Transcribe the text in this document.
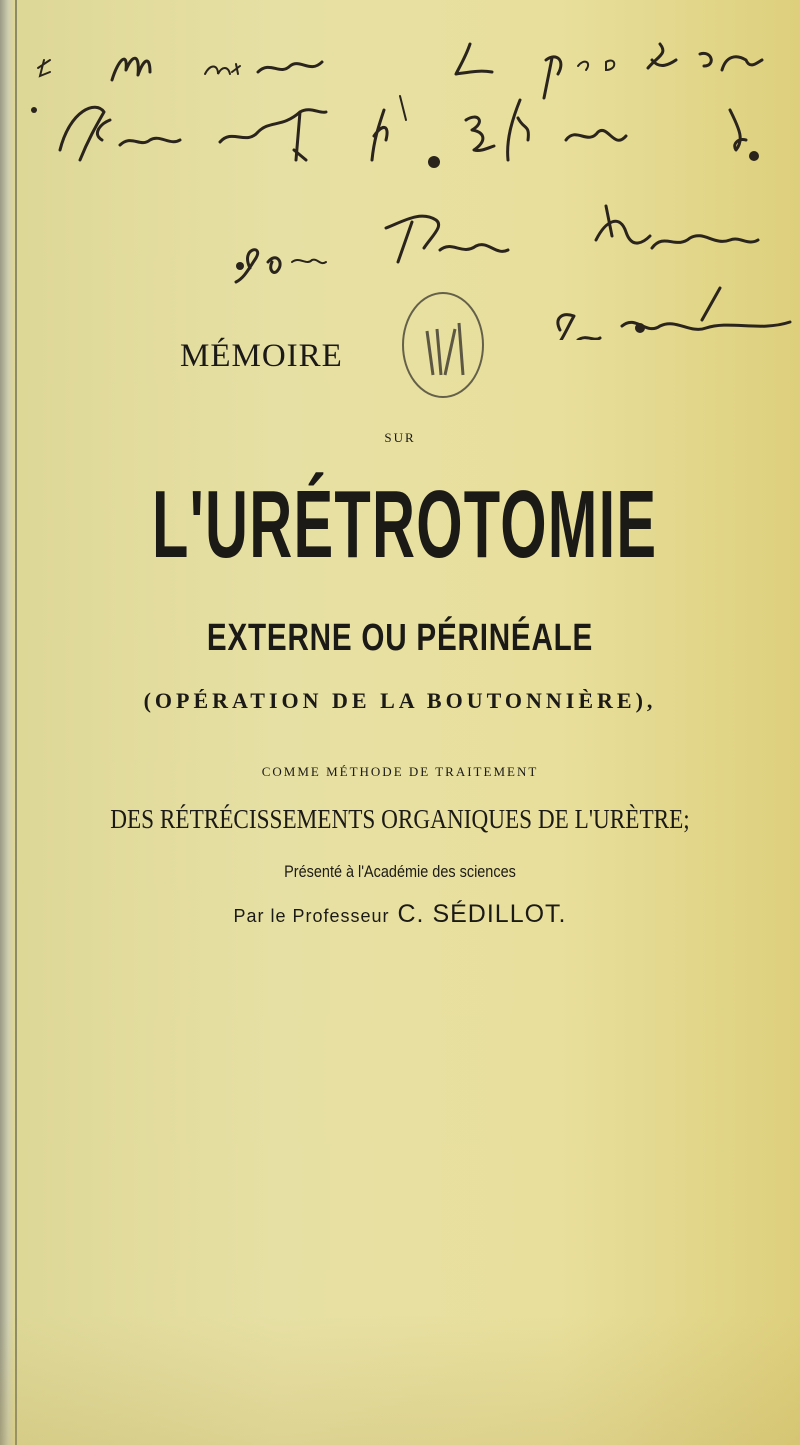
MÉMOIRE
SUR
L'URÉTROTOMIE
EXTERNE OU PÉRINÉALE
(OPÉRATION DE LA BOUTONNIÈRE),
COMME MÉTHODE DE TRAITEMENT
DES RÉTRÉCISSEMENTS ORGANIQUES DE L'URÈTRE;
Présenté à l'Académie des sciences
Par le Professeur C. SÉDILLOT.
